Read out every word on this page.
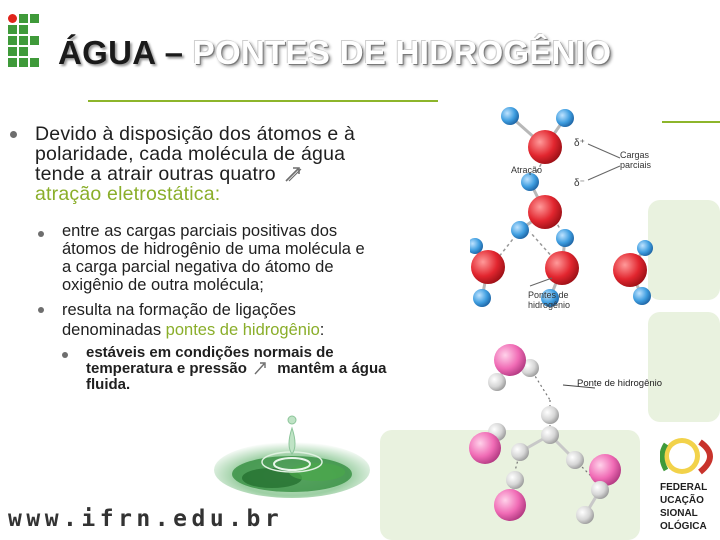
ÁGUA – PONTES DE HIDROGÊNIO
Devido à disposição dos átomos e à
polaridade, cada molécula de água
tende a atrair outras quatro
atração eletrostática:
entre as cargas parciais positivas dos
átomos de hidrogênio de uma molécula e
a carga parcial negativa do átomo de
oxigênio de outra molécula;
resulta na formação de ligações
denominadas pontes de hidrogênio:
estáveis em condições normais de
temperatura e pressão mantêm a água
fluida.
δ⁺
δ⁻
Cargas
parciais
Atração
Pontes de
hidrogênio
Ponte de hidrogênio
www.ifrn.edu.br
FEDERAL
UCAÇÃO
SIONAL
OLÓGICA
